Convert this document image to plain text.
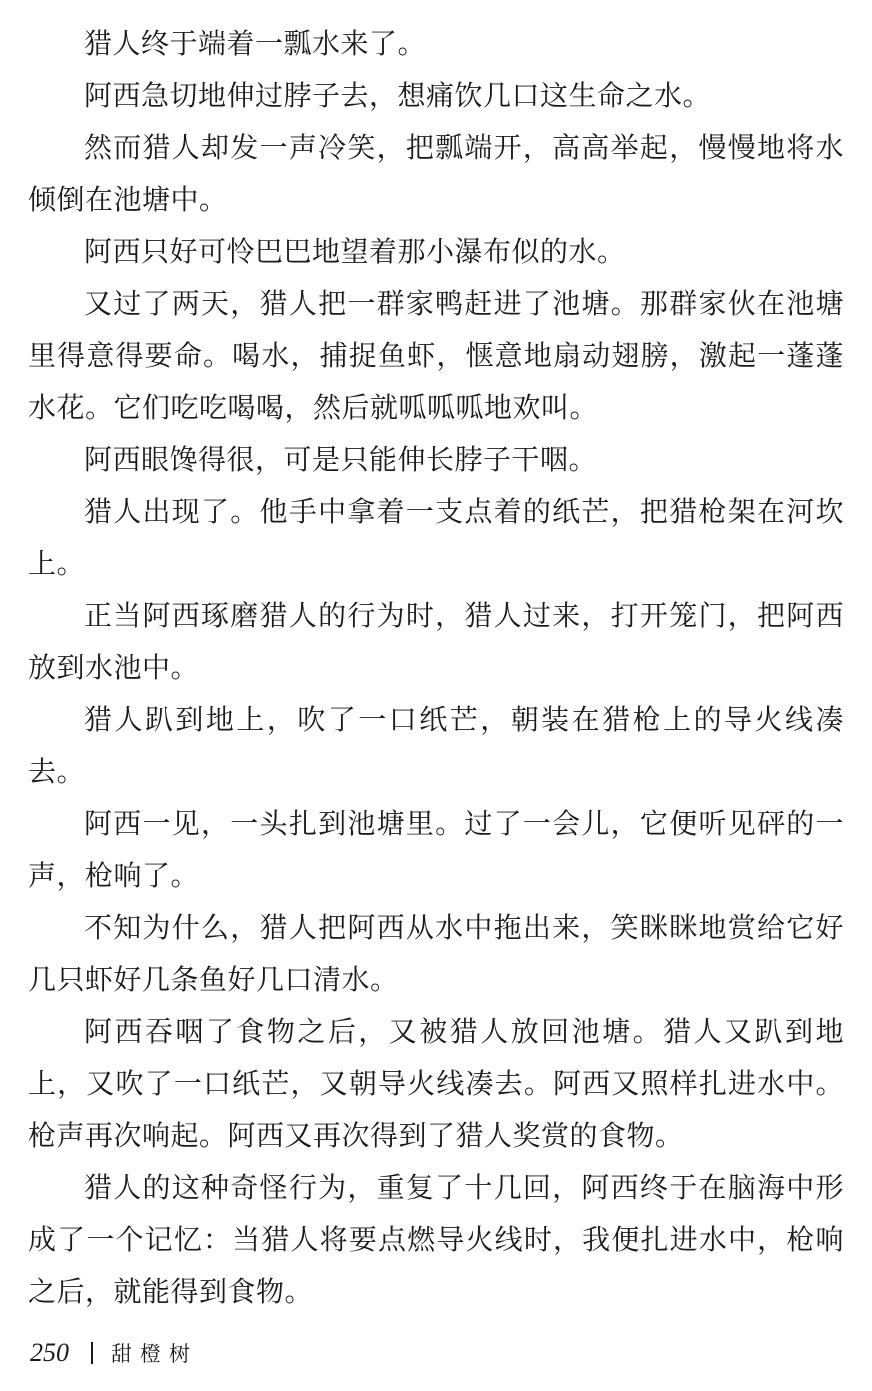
猎人终于端着一瓢水来了。

阿西急切地伸过脖子去，想痛饮几口这生命之水。

然而猎人却发一声冷笑，把瓢端开，高高举起，慢慢地将水倾倒在池塘中。

阿西只好可怜巴巴地望着那小瀑布似的水。

又过了两天，猎人把一群家鸭赶进了池塘。那群家伙在池塘里得意得要命。喝水，捕捉鱼虾，惬意地扇动翅膀，激起一蓬蓬水花。它们吃吃喝喝，然后就呱呱呱地欢叫。

阿西眼馋得很，可是只能伸长脖子干咽。

猎人出现了。他手中拿着一支点着的纸芒，把猎枪架在河坎上。

正当阿西琢磨猎人的行为时，猎人过来，打开笼门，把阿西放到水池中。

猎人趴到地上，吹了一口纸芒，朝装在猎枪上的导火线凑去。

阿西一见，一头扎到池塘里。过了一会儿，它便听见砰的一声，枪响了。

不知为什么，猎人把阿西从水中拖出来，笑眯眯地赏给它好几只虾好几条鱼好几口清水。

阿西吞咽了食物之后，又被猎人放回池塘。猎人又趴到地上，又吹了一口纸芒，又朝导火线凑去。阿西又照样扎进水中。枪声再次响起。阿西又再次得到了猎人奖赏的食物。

猎人的这种奇怪行为，重复了十几回，阿西终于在脑海中形成了一个记忆：当猎人将要点燃导火线时，我便扎进水中，枪响之后，就能得到食物。

250 甜橙树
